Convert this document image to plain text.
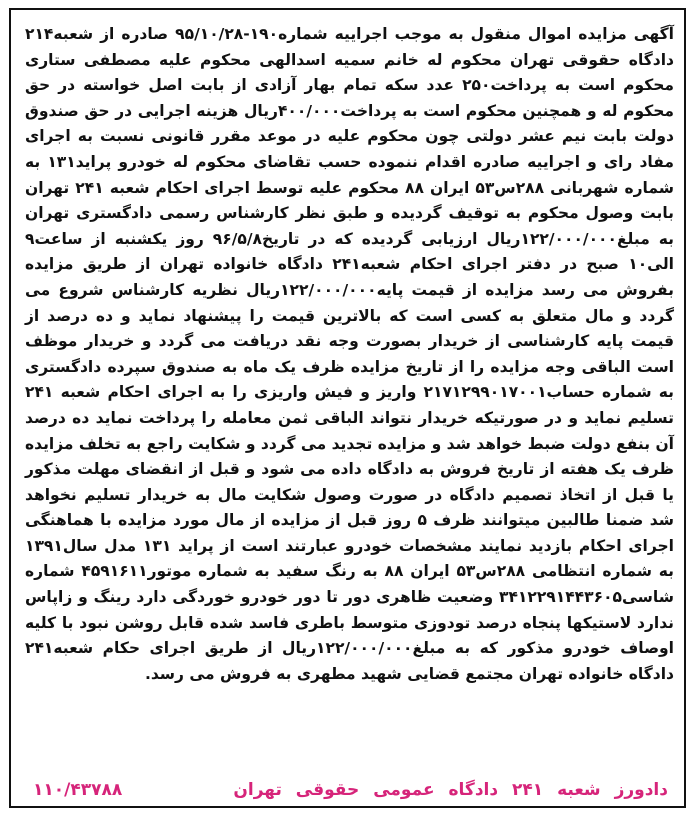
آگهی مزایده اموال منقول به موجب اجراییه شماره۱۹۰-۹۵/۱۰/۲۸ صادره از شعبه۲۱۴ دادگاه حقوقی تهران محکوم له خانم سمیه اسدالهی محکوم علیه مصطفی ستاری محکوم است به پرداخت۲۵۰ عدد سکه تمام بهار آزادی از بابت اصل خواسته در حق محکوم له و همچنین محکوم است به پرداخت۴۰۰/۰۰۰ریال هزینه اجرایی در حق صندوق دولت بابت نیم عشر دولتی چون محکوم علیه در موعد مقرر قانونی نسبت به اجرای مفاد رای و اجراییه صادره اقدام ننموده حسب تقاضای محکوم له خودرو پراید۱۳۱ به شماره شهربانی ۲۸۸س۵۳ ایران ۸۸ محکوم علیه توسط اجرای احکام شعبه ۲۴۱ تهران بابت وصول محکوم به توقیف گردیده و طبق نظر کارشناس رسمی دادگستری تهران به مبلغ۱۲۲/۰۰۰/۰۰۰ریال ارزیابی گردیده که در تاریخ۹۶/۵/۸ روز یکشنبه از ساعت۹ الی۱۰ صبح در دفتر اجرای احکام شعبه۲۴۱ دادگاه خانواده تهران از طریق مزایده بفروش می رسد مزایده از قیمت پایه۱۲۲/۰۰۰/۰۰۰ریال نظریه کارشناس شروع می گردد و مال متعلق به کسی است که بالاترین قیمت را پیشنهاد نماید و ده درصد از قیمت پایه کارشناسی از خریدار بصورت وجه نقد دریافت می گردد و خریدار موظف است الباقی وجه مزایده را از تاریخ مزایده ظرف یک ماه به صندوق سپرده دادگستری به شماره حساب۲۱۷۱۲۹۹۰۱۷۰۰۱ واریز و فیش واریزی را به اجرای احکام شعبه ۲۴۱ تسلیم نماید و در صورتیکه خریدار نتواند الباقی ثمن معامله را پرداخت نماید ده درصد آن بنفع دولت ضبط خواهد شد و مزایده تجدید می گردد و شکایت راجع به تخلف مزایده ظرف یک هفته از تاریخ فروش به دادگاه داده می شود و قبل از انقضای مهلت مذکور یا قبل از اتخاذ تصمیم دادگاه در صورت وصول شکایت مال به خریدار تسلیم نخواهد شد ضمنا طالبین میتوانند ظرف ۵ روز قبل از مزایده از مال مورد مزایده با هماهنگی اجرای احکام بازدید نمایند مشخصات خودرو عبارتند است از پراید ۱۳۱ مدل سال۱۳۹۱ به شماره انتظامی ۲۸۸س۵۳ ایران ۸۸ به رنگ سفید به شماره موتور۴۵۹۱۶۱۱ شماره شاسی۳۴۱۲۲۹۱۴۴۳۶۰۵ وضعیت ظاهری دور تا دور خودرو خوردگی دارد رینگ و زاپاس ندارد لاستیکها پنجاه درصد تودوزی متوسط باطری فاسد شده قابل روشن نبود با کلیه اوصاف خودرو مذکور که به مبلغ۱۲۲/۰۰۰/۰۰۰ریال از طریق اجرای حکام شعبه۲۴۱ دادگاه خانواده تهران مجتمع قضایی شهید مطهری به فروش می رسد.
دادورز شعبه ۲۴۱ دادگاه عمومی حقوقی تهران
۱۱۰/۴۳۷۸۸
